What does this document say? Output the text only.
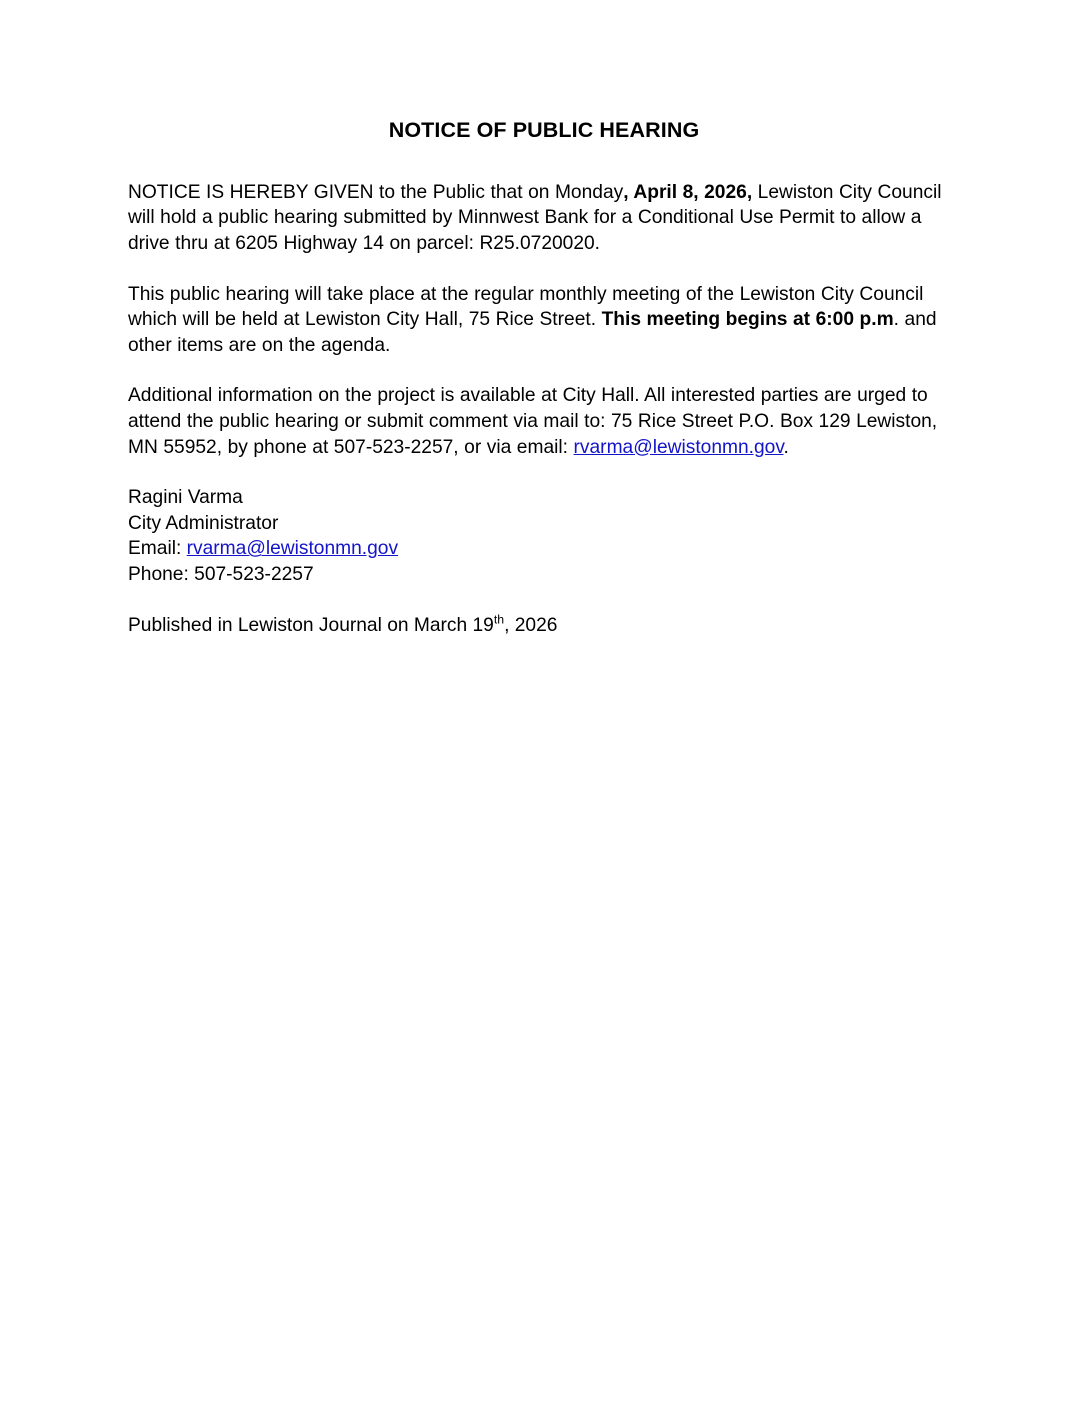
NOTICE OF PUBLIC HEARING

NOTICE IS HEREBY GIVEN to the Public that on Monday, April 8, 2026, Lewiston City Council will hold a public hearing submitted by Minnwest Bank for a Conditional Use Permit to allow a drive thru at 6205 Highway 14 on parcel: R25.0720020.

This public hearing will take place at the regular monthly meeting of the Lewiston City Council which will be held at Lewiston City Hall, 75 Rice Street. This meeting begins at 6:00 p.m. and other items are on the agenda.

Additional information on the project is available at City Hall. All interested parties are urged to attend the public hearing or submit comment via mail to: 75 Rice Street P.O. Box 129 Lewiston, MN 55952, by phone at 507-523-2257, or via email: rvarma@lewistonmn.gov.

Ragini Varma
City Administrator
Email: rvarma@lewistonmn.gov
Phone: 507-523-2257
Published in Lewiston Journal on March 19th, 2026
